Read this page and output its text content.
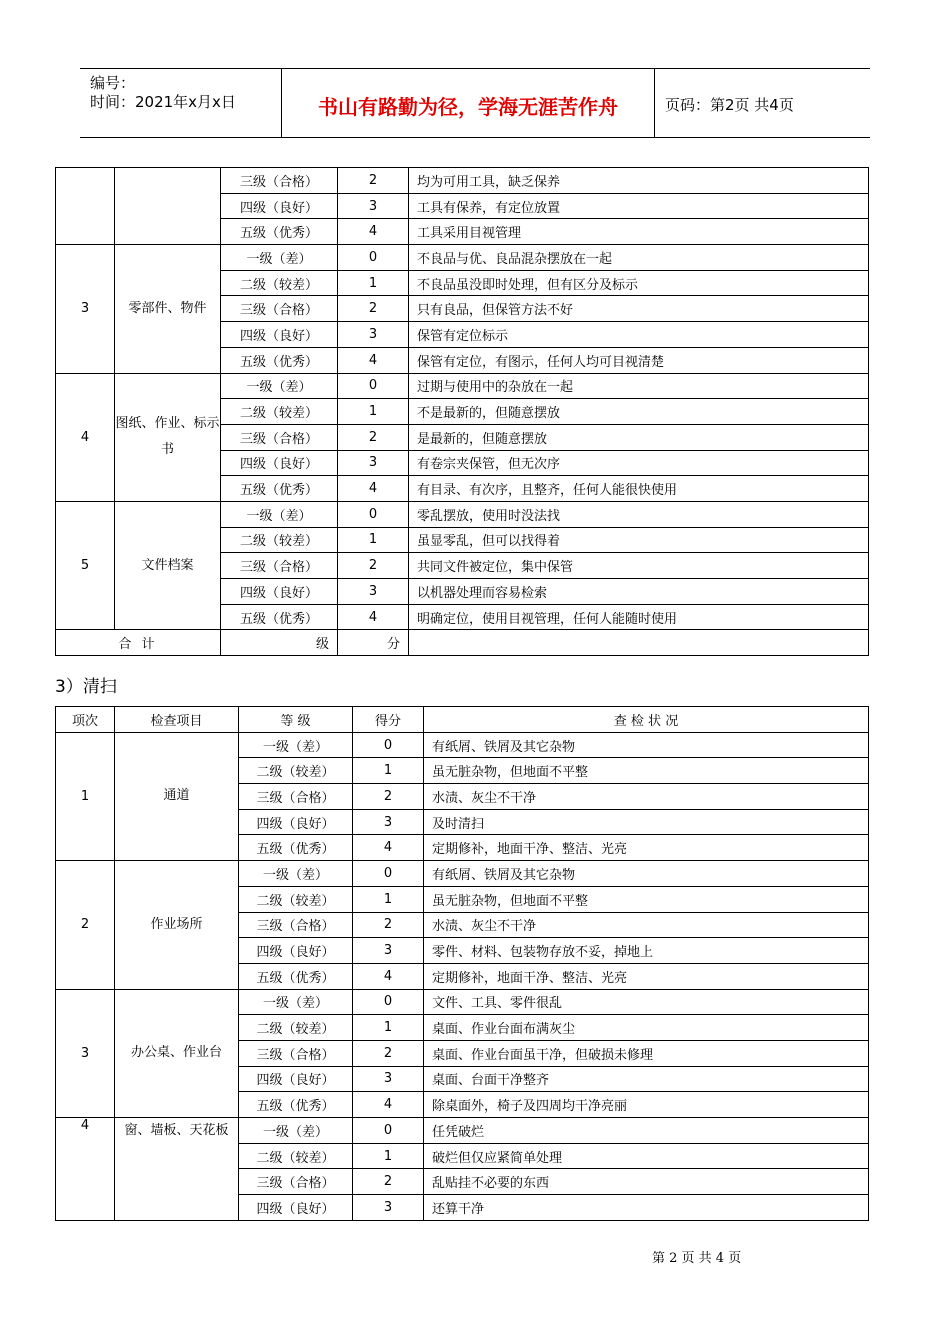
编号：
时间：2021年x月x日	书山有路勤为径，学海无涯苦作舟	页码：第2页 共4页
		三级（合格）	2	均为可用工具，缺乏保养
		四级（良好）	3	工具有保养，有定位放置
		五级（优秀）	4	工具采用目视管理
3	零部件、物件	一级（差）	0	不良品与优、良品混杂摆放在一起
		二级（较差）	1	不良品虽没即时处理，但有区分及标示
		三级（合格）	2	只有良品，但保管方法不好
		四级（良好）	3	保管有定位标示
		五级（优秀）	4	保管有定位，有图示，任何人均可目视清楚
4	图纸、作业、标示书	一级（差）	0	过期与使用中的杂放在一起
		二级（较差）	1	不是最新的，但随意摆放
		三级（合格）	2	是最新的，但随意摆放
		四级（良好）	3	有卷宗夹保管，但无次序
		五级（优秀）	4	有目录、有次序，且整齐，任何人能很快使用
5	文件档案	一级（差）	0	零乱摆放，使用时没法找
		二级（较差）	1	虽显零乱，但可以找得着
		三级（合格）	2	共同文件被定位，集中保管
		四级（良好）	3	以机器处理而容易检索
		五级（优秀）	4	明确定位，使用目视管理，任何人能随时使用
合 计		级	分	
3）清扫
项次	检查项目	等 级	得分	查 检 状 况
1	通道	一级（差）	0	有纸屑、铁屑及其它杂物
		二级（较差）	1	虽无脏杂物，但地面不平整
		三级（合格）	2	水渍、灰尘不干净
		四级（良好）	3	及时清扫
		五级（优秀）	4	定期修补，地面干净、整洁、光亮
2	作业场所	一级（差）	0	有纸屑、铁屑及其它杂物
		二级（较差）	1	虽无脏杂物，但地面不平整
		三级（合格）	2	水渍、灰尘不干净
		四级（良好）	3	零件、材料、包装物存放不妥，掉地上
		五级（优秀）	4	定期修补，地面干净、整洁、光亮
3	办公桌、作业台	一级（差）	0	文件、工具、零件很乱
		二级（较差）	1	桌面、作业台面布满灰尘
		三级（合格）	2	桌面、作业台面虽干净，但破损未修理
		四级（良好）	3	桌面、台面干净整齐
		五级（优秀）	4	除桌面外，椅子及四周均干净亮丽
4	窗、墙板、天花板	一级（差）	0	任凭破烂
		二级（较差）	1	破烂但仅应紧简单处理
		三级（合格）	2	乱贴挂不必要的东西
		四级（良好）	3	还算干净
第 2 页 共 4 页
